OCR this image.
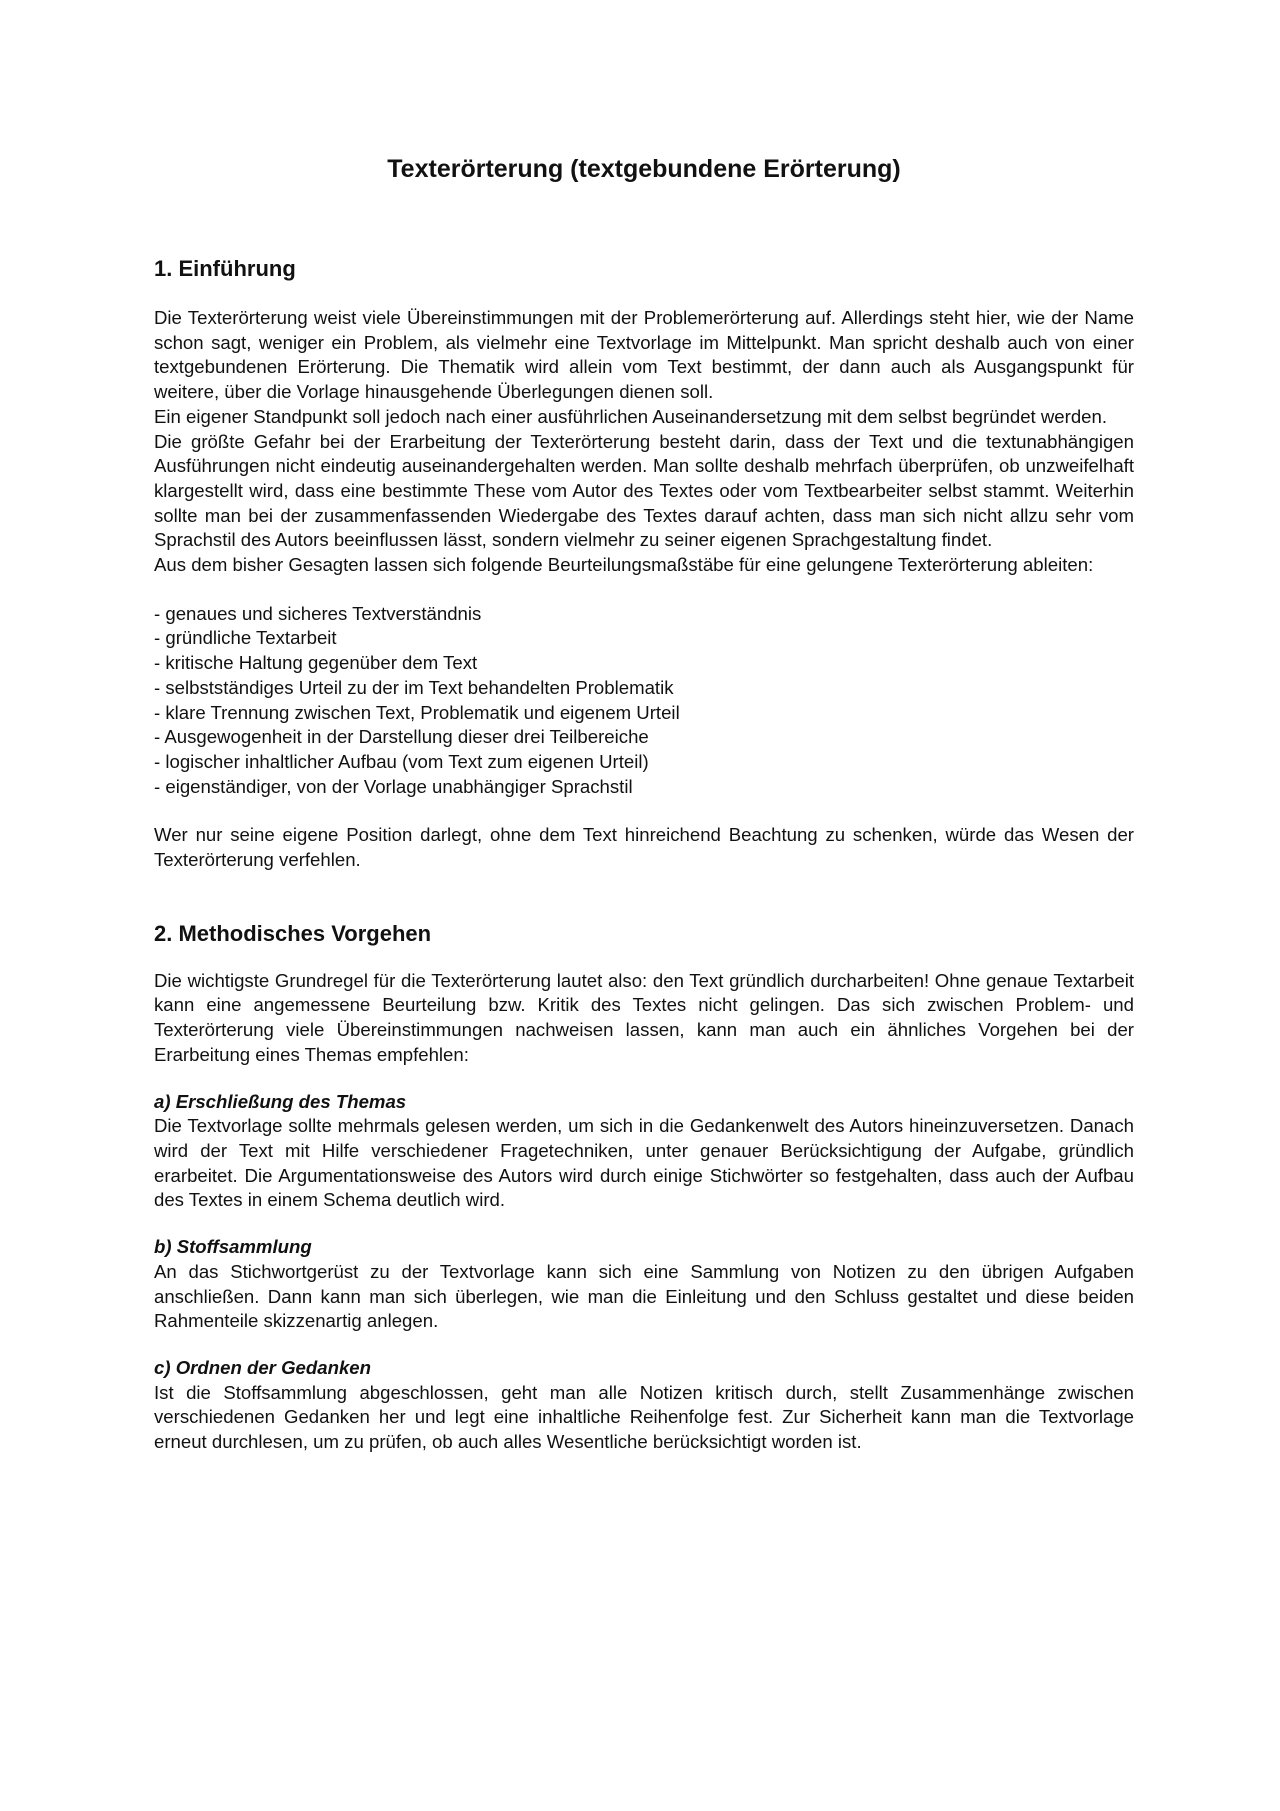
Texterörterung (textgebundene Erörterung)
1. Einführung

Die Texterörterung weist viele Übereinstimmungen mit der Problemerörterung auf. Allerdings steht hier, wie der Name schon sagt, weniger ein Problem, als vielmehr eine Textvorlage im Mittelpunkt. Man spricht deshalb auch von einer textgebundenen Erörterung. Die Thematik wird allein vom Text bestimmt, der dann auch als Ausgangspunkt für weitere, über die Vorlage hinausgehende Überlegungen dienen soll.

Ein eigener Standpunkt soll jedoch nach einer ausführlichen Auseinandersetzung mit dem selbst begründet werden.

Die größte Gefahr bei der Erarbeitung der Texterörterung besteht darin, dass der Text und die textunabhängigen Ausführungen nicht eindeutig auseinandergehalten werden. Man sollte deshalb mehrfach überprüfen, ob unzweifelhaft klargestellt wird, dass eine bestimmte These vom Autor des Textes oder vom Textbearbeiter selbst stammt. Weiterhin sollte man bei der zusammenfassenden Wiedergabe des Textes darauf achten, dass man sich nicht allzu sehr vom Sprachstil des Autors beeinflussen lässt, sondern vielmehr zu seiner eigenen Sprachgestaltung findet.

Aus dem bisher Gesagten lassen sich folgende Beurteilungsmaßstäbe für eine gelungene Texterörterung ableiten:

- genaues und sicheres Textverständnis
- gründliche Textarbeit
- kritische Haltung gegenüber dem Text
- selbstständiges Urteil zu der im Text behandelten Problematik
- klare Trennung zwischen Text, Problematik und eigenem Urteil
- Ausgewogenheit in der Darstellung dieser drei Teilbereiche
- logischer inhaltlicher Aufbau (vom Text zum eigenen Urteil)
- eigenständiger, von der Vorlage unabhängiger Sprachstil

Wer nur seine eigene Position darlegt, ohne dem Text hinreichend Beachtung zu schenken, würde das Wesen der Texterörterung verfehlen.

2. Methodisches Vorgehen

Die wichtigste Grundregel für die Texterörterung lautet also: den Text gründlich durcharbeiten! Ohne genaue Textarbeit kann eine angemessene Beurteilung bzw. Kritik des Textes nicht gelingen. Das sich zwischen Problem- und Texterörterung viele Übereinstimmungen nachweisen lassen, kann man auch ein ähnliches Vorgehen bei der Erarbeitung eines Themas empfehlen:

a) Erschließung des Themas

Die Textvorlage sollte mehrmals gelesen werden, um sich in die Gedankenwelt des Autors hineinzuversetzen. Danach wird der Text mit Hilfe verschiedener Fragetechniken, unter genauer Berücksichtigung der Aufgabe, gründlich erarbeitet. Die Argumentationsweise des Autors wird durch einige Stichwörter so festgehalten, dass auch der Aufbau des Textes in einem Schema deutlich wird.

b) Stoffsammlung

An das Stichwortgerüst zu der Textvorlage kann sich eine Sammlung von Notizen zu den übrigen Aufgaben anschließen. Dann kann man sich überlegen, wie man die Einleitung und den Schluss gestaltet und diese beiden Rahmenteile skizzenartig anlegen.

c) Ordnen der Gedanken

Ist die Stoffsammlung abgeschlossen, geht man alle Notizen kritisch durch, stellt Zusammenhänge zwischen verschiedenen Gedanken her und legt eine inhaltliche Reihenfolge fest. Zur Sicherheit kann man die Textvorlage erneut durchlesen, um zu prüfen, ob auch alles Wesentliche berücksichtigt worden ist.
